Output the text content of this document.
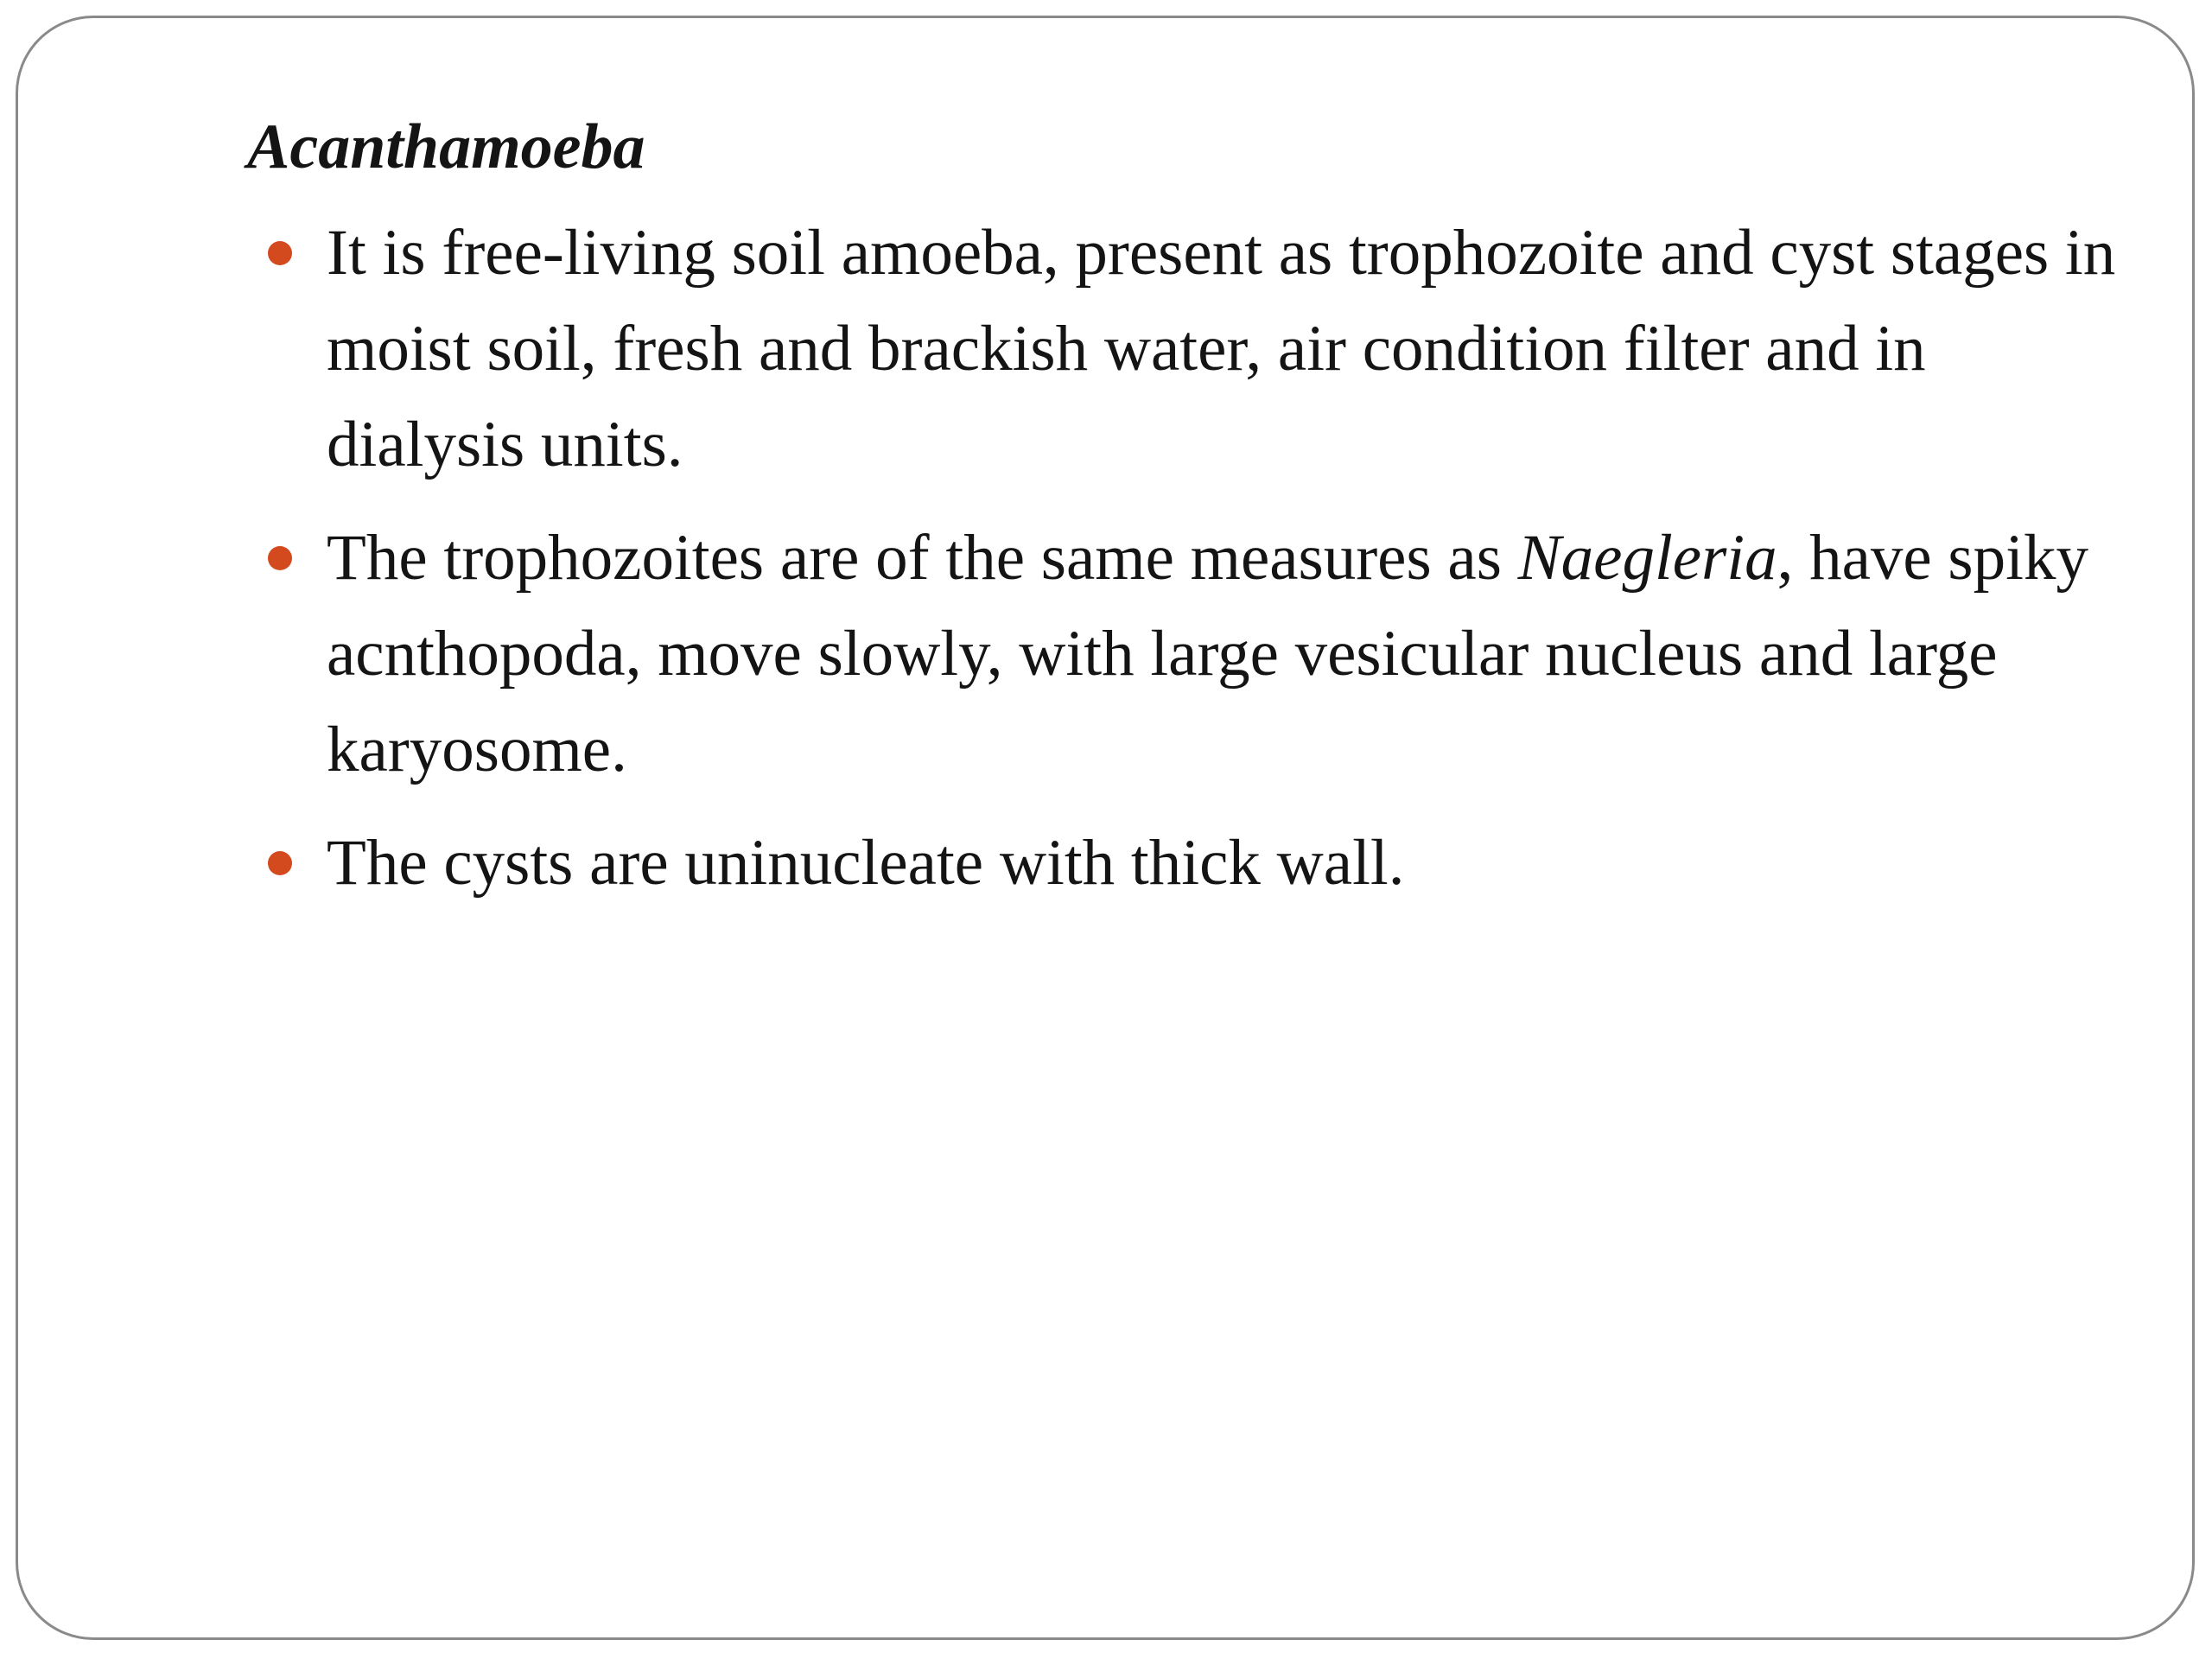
Acanthamoeba
It is free-living soil amoeba, present as trophozoite and cyst stages in moist soil, fresh and brackish water, air condition filter and in dialysis units.
The trophozoites are of the same measures as Naegleria, have spiky acnthopoda, move slowly, with large vesicular nucleus and large karyosome.
The cysts are uninucleate with thick wall.
